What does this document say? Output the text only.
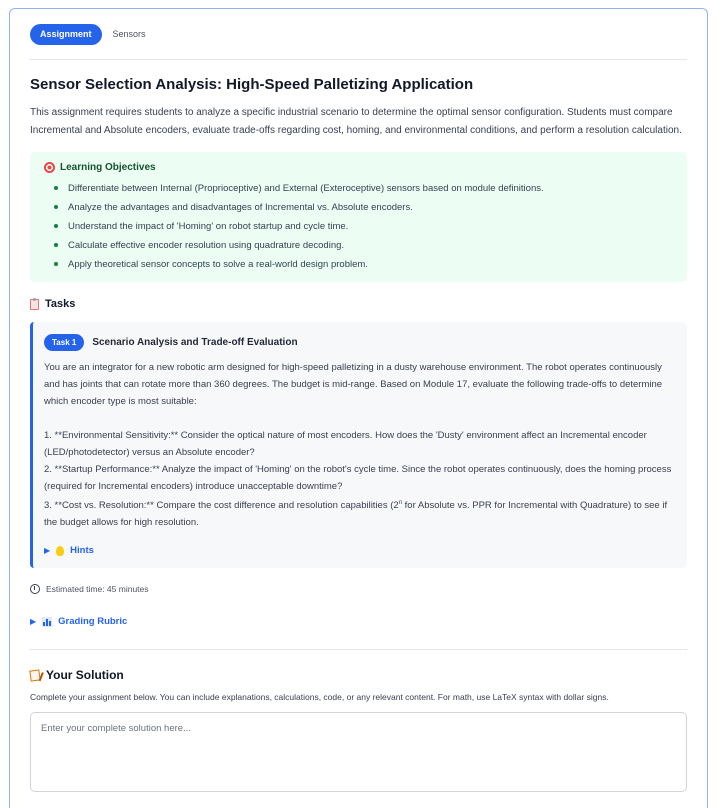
Assignment	Sensors
Sensor Selection Analysis: High-Speed Palletizing Application

This assignment requires students to analyze a specific industrial scenario to determine the optimal sensor configuration. Students must compare Incremental and Absolute encoders, evaluate trade-offs regarding cost, homing, and environmental conditions, and perform a resolution calculation.

Learning Objectives
Differentiate between Internal (Proprioceptive) and External (Exteroceptive) sensors based on module definitions.
Analyze the advantages and disadvantages of Incremental vs. Absolute encoders.
Understand the impact of 'Homing' on robot startup and cycle time.
Calculate effective encoder resolution using quadrature decoding.
Apply theoretical sensor concepts to solve a real-world design problem.
Tasks
Task 1	Scenario Analysis and Trade-off Evaluation
You are an integrator for a new robotic arm designed for high-speed palletizing in a dusty warehouse environment. The robot operates continuously and has joints that can rotate more than 360 degrees. The budget is mid-range. Based on Module 17, evaluate the following trade-offs to determine which encoder type is most suitable:
1. **Environmental Sensitivity:** Consider the optical nature of most encoders. How does the 'Dusty' environment affect an Incremental encoder (LED/photodetector) versus an Absolute encoder?
2. **Startup Performance:** Analyze the impact of 'Homing' on the robot's cycle time. Since the robot operates continuously, does the homing process (required for Incremental encoders) introduce unacceptable downtime?
3. **Cost vs. Resolution:** Compare the cost difference and resolution capabilities (2$^n$ for Absolute vs. PPR for Incremental with Quadrature) to see if the budget allows for high resolution.
▶ Hints
Estimated time: 45 minutes
▶ Grading Rubric
Your Solution
Complete your assignment below. You can include explanations, calculations, code, or any relevant content. For math, use LaTeX syntax with dollar signs.
Enter your complete solution here...
